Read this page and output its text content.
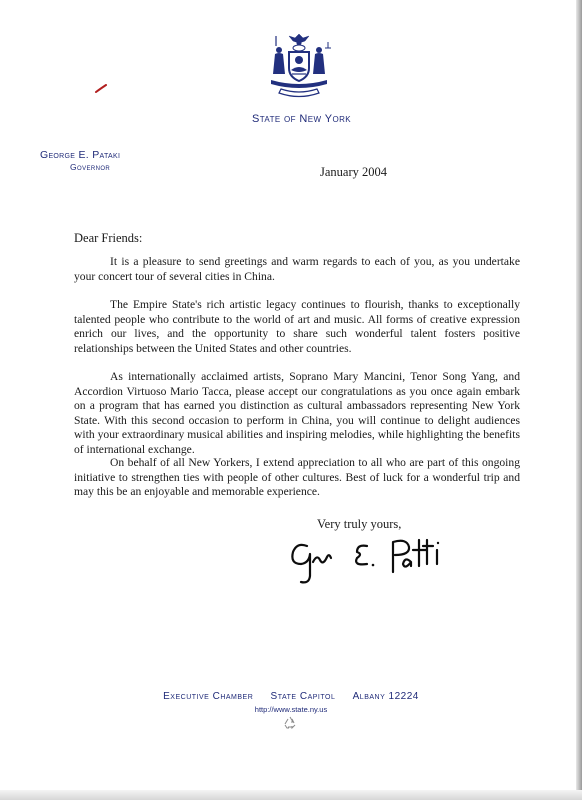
State of New York
George E. Pataki
Governor	January 2004
Dear Friends:

It is a pleasure to send greetings and warm regards to each of you, as you undertake your concert tour of several cities in China.

The Empire State's rich artistic legacy continues to flourish, thanks to exceptionally talented people who contribute to the world of art and music. All forms of creative expression enrich our lives, and the opportunity to share such wonderful talent fosters positive relationships between the United States and other countries.

As internationally acclaimed artists, Soprano Mary Mancini, Tenor Song Yang, and Accordion Virtuoso Mario Tacca, please accept our congratulations as you once again embark on a program that has earned you distinction as cultural ambassadors representing New York State. With this second occasion to perform in China, you will continue to delight audiences with your extraordinary musical abilities and inspiring melodies, while highlighting the benefits of international exchange.

On behalf of all New Yorkers, I extend appreciation to all who are part of this ongoing initiative to strengthen ties with people of other cultures. Best of luck for a wonderful trip and may this be an enjoyable and memorable experience.

Very truly yours,
Executive Chamber State Capitol Albany 12224
http://www.state.ny.us
